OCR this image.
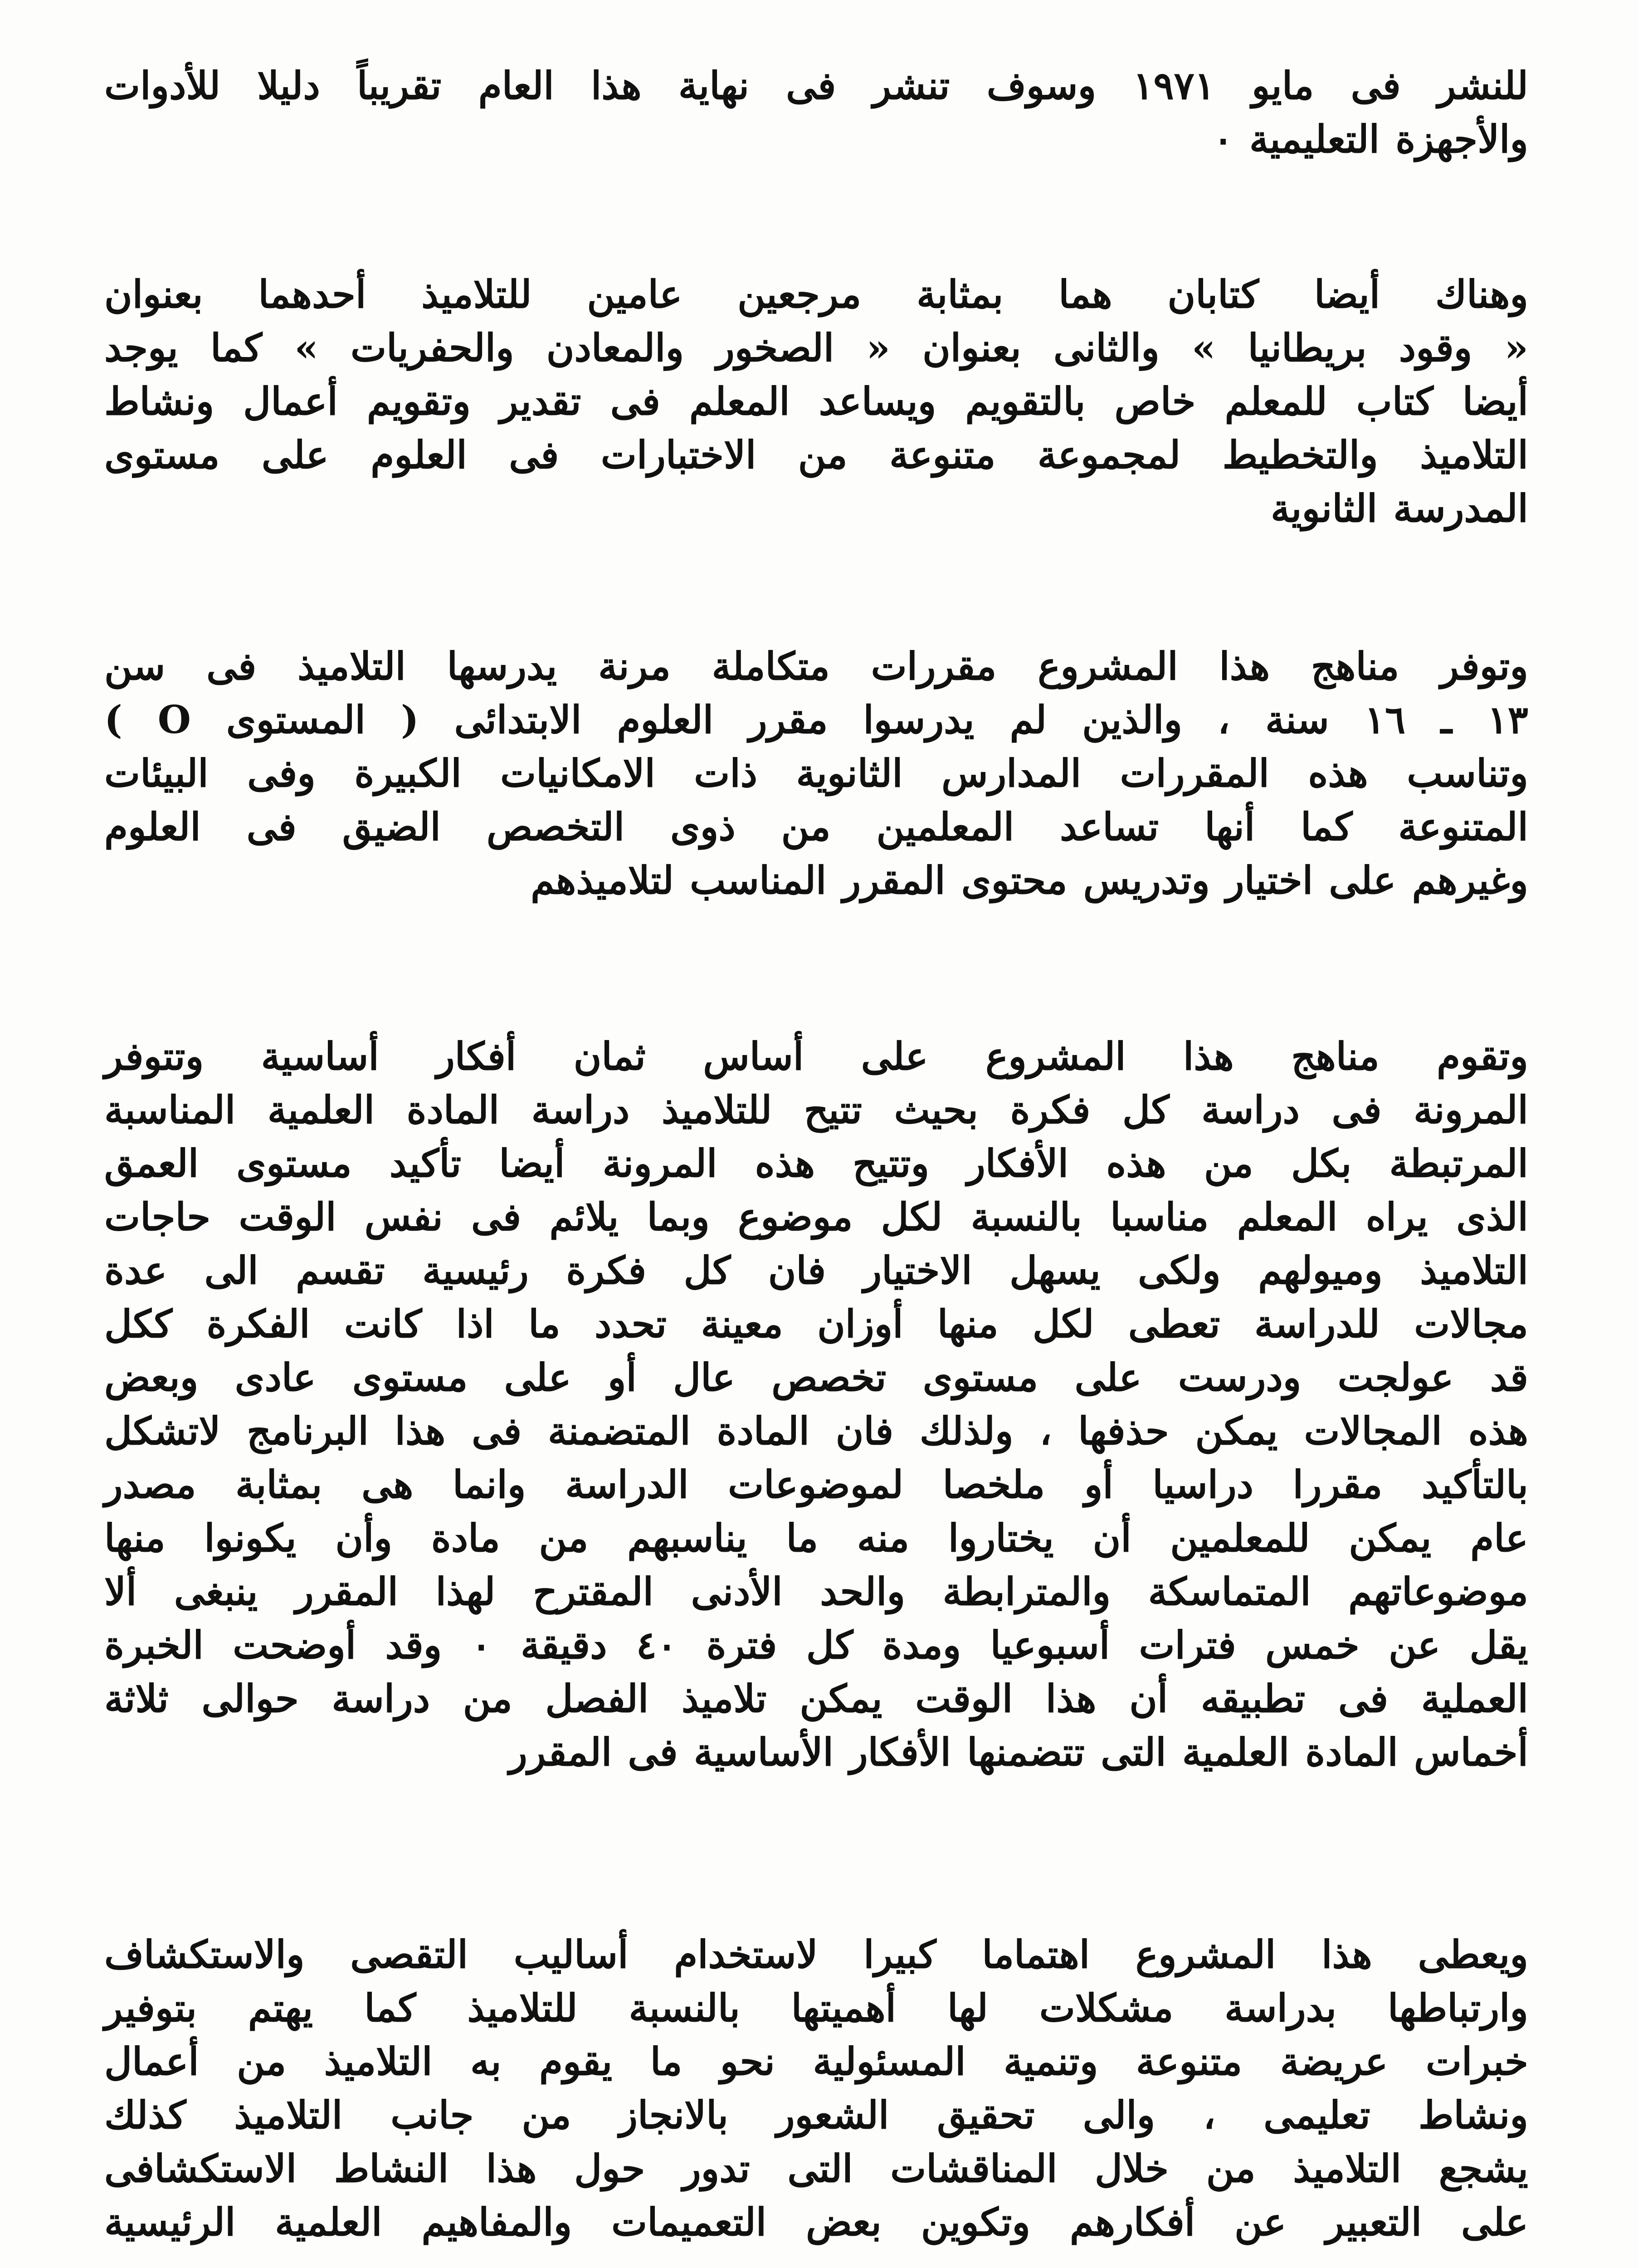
للنشر فى مايو ١٩٧١ وسوف تنشر فى نهاية هذا العام تقريباً دليلا للأدوات
والأجهزة التعليمية ٠
وهناك أيضا كتابان هما بمثابة مرجعين عامين للتلاميذ أحدهما بعنوان
« وقود بريطانيا » والثانى بعنوان « الصخور والمعادن والحفريات » كما يوجد
أيضا كتاب للمعلم خاص بالتقويم ويساعد المعلم فى تقدير وتقويم أعمال ونشاط
التلاميذ والتخطيط لمجموعة متنوعة من الاختبارات فى العلوم على مستوى
المدرسة الثانوية
وتوفر مناهج هذا المشروع مقررات متكاملة مرنة يدرسها التلاميذ فى سن
١٣ ـ ١٦ سنة ، والذين لم يدرسوا مقرر العلوم الابتدائى ( المستوى O )
وتناسب هذه المقررات المدارس الثانوية ذات الامكانيات الكبيرة وفى البيئات
المتنوعة كما أنها تساعد المعلمين من ذوى التخصص الضيق فى العلوم
وغيرهم على اختيار وتدريس محتوى المقرر المناسب لتلاميذهم
وتقوم مناهج هذا المشروع على أساس ثمان أفكار أساسية وتتوفر
المرونة فى دراسة كل فكرة بحيث تتيح للتلاميذ دراسة المادة العلمية المناسبة
المرتبطة بكل من هذه الأفكار وتتيح هذه المرونة أيضا تأكيد مستوى العمق
الذى يراه المعلم مناسبا بالنسبة لكل موضوع وبما يلائم فى نفس الوقت حاجات
التلاميذ وميولهم ولكى يسهل الاختيار فان كل فكرة رئيسية تقسم الى عدة
مجالات للدراسة تعطى لكل منها أوزان معينة تحدد ما اذا كانت الفكرة ككل
قد عولجت ودرست على مستوى تخصص عال أو على مستوى عادى وبعض
هذه المجالات يمكن حذفها ، ولذلك فان المادة المتضمنة فى هذا البرنامج لاتشكل
بالتأكيد مقررا دراسيا أو ملخصا لموضوعات الدراسة وانما هى بمثابة مصدر
عام يمكن للمعلمين أن يختاروا منه ما يناسبهم من مادة وأن يكونوا منها
موضوعاتهم المتماسكة والمترابطة والحد الأدنى المقترح لهذا المقرر ينبغى ألا
يقل عن خمس فترات أسبوعيا ومدة كل فترة ٤٠ دقيقة ٠ وقد أوضحت الخبرة
العملية فى تطبيقه أن هذا الوقت يمكن تلاميذ الفصل من دراسة حوالى ثلاثة
أخماس المادة العلمية التى تتضمنها الأفكار الأساسية فى المقرر
ويعطى هذا المشروع اهتماما كبيرا لاستخدام أساليب التقصى والاستكشاف
وارتباطها بدراسة مشكلات لها أهميتها بالنسبة للتلاميذ كما يهتم بتوفير
خبرات عريضة متنوعة وتنمية المسئولية نحو ما يقوم به التلاميذ من أعمال
ونشاط تعليمى ، والى تحقيق الشعور بالانجاز من جانب التلاميذ كذلك
يشجع التلاميذ من خلال المناقشات التى تدور حول هذا النشاط الاستكشافى
على التعبير عن أفكارهم وتكوين بعض التعميمات والمفاهيم العلمية الرئيسية
